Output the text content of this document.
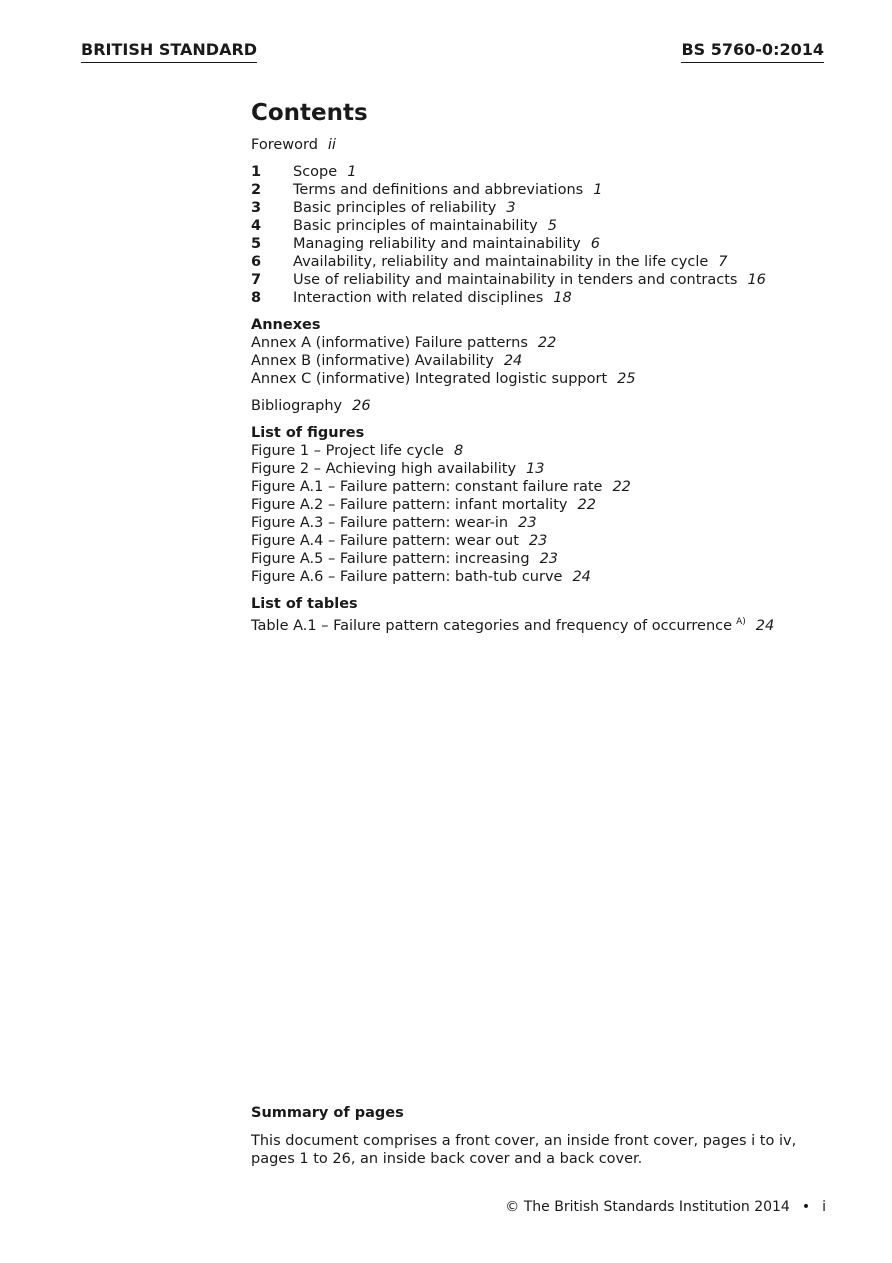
BRITISH STANDARD	BS 5760-0:2014
Contents
Foreword ii
1 Scope 1
2 Terms and definitions and abbreviations 1
3 Basic principles of reliability 3
4 Basic principles of maintainability 5
5 Managing reliability and maintainability 6
6 Availability, reliability and maintainability in the life cycle 7
7 Use of reliability and maintainability in tenders and contracts 16
8 Interaction with related disciplines 18
Annexes
Annex A (informative) Failure patterns 22
Annex B (informative) Availability 24
Annex C (informative) Integrated logistic support 25
Bibliography 26
List of figures
Figure 1 – Project life cycle 8
Figure 2 – Achieving high availability 13
Figure A.1 – Failure pattern: constant failure rate 22
Figure A.2 – Failure pattern: infant mortality 22
Figure A.3 – Failure pattern: wear-in 23
Figure A.4 – Failure pattern: wear out 23
Figure A.5 – Failure pattern: increasing 23
Figure A.6 – Failure pattern: bath-tub curve 24
List of tables
Table A.1 – Failure pattern categories and frequency of occurrence $^{A)}$ 24
Summary of pages
This document comprises a front cover, an inside front cover, pages i to iv, pages 1 to 26, an inside back cover and a back cover.
© The British Standards Institution 2014 • i
